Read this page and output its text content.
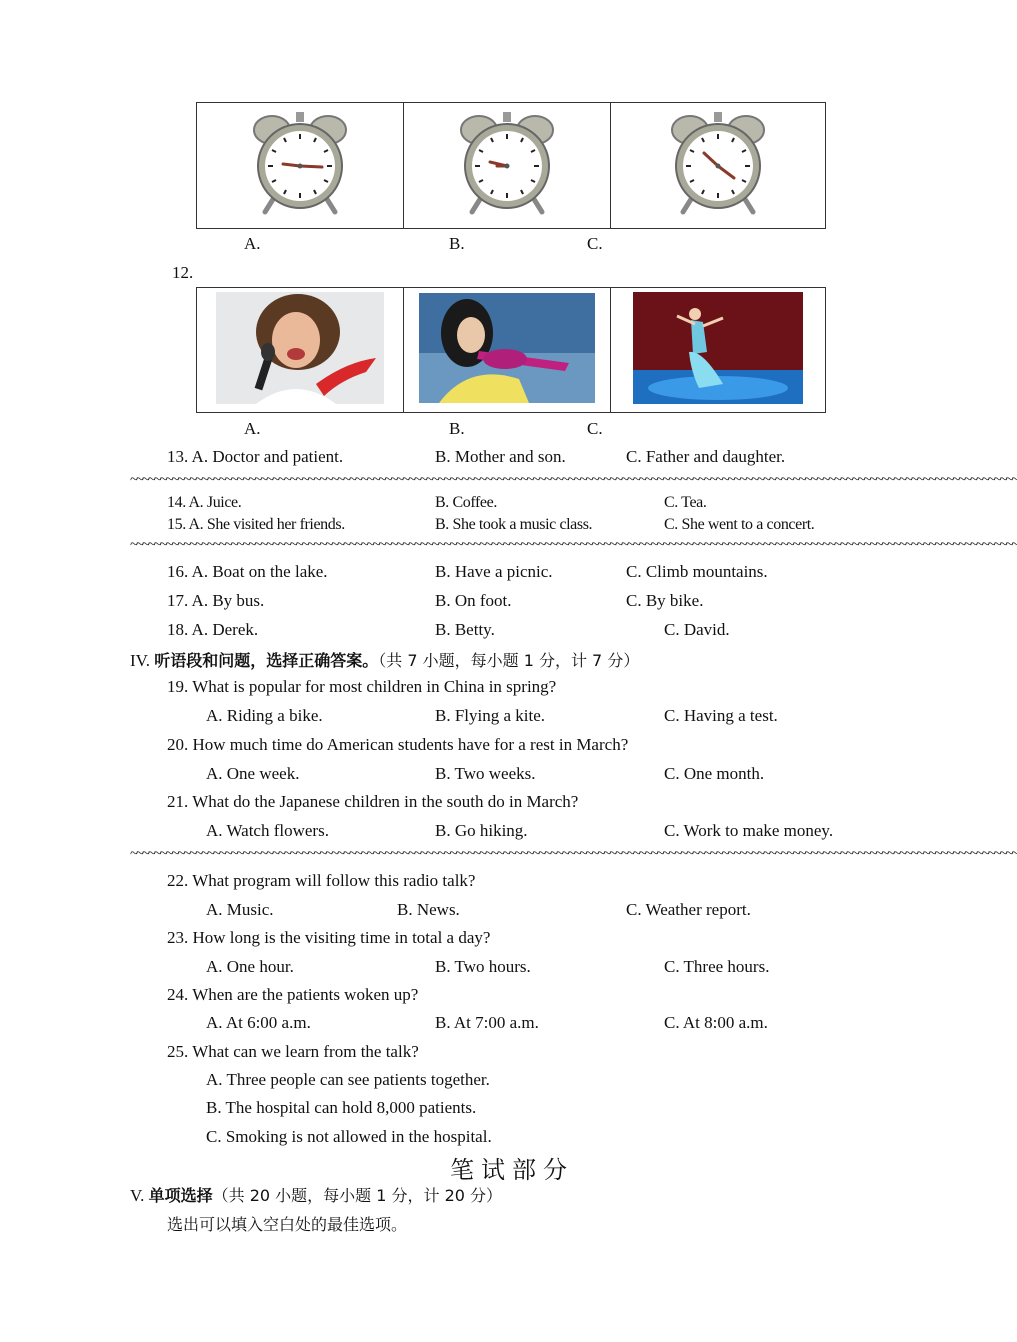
A.	B.	C.
12.

A.	B.	C.
13. A. Doctor and patient.	B. Mother and son.	C. Father and daughter.
~~~~~~~~~~~~~~~~~~~~~~~~~~~~~~~~~~~~~~~~~~~~~~~~~~~~~~~~~~~~~~~~~~~~~~~~~~~~~~~~~~~~~~~~~~~~~~~~~~~~~~~~~~~~~~~~~~~~~~~~~~~~~~~~~~~~~~~~~~~~~~~~~~~~~~
14. A. Juice.	B. Coffee.	C. Tea.
15. A. She visited her friends.	B. She took a music class.	C. She went to a concert.
~~~~~~~~~~~~~~~~~~~~~~~~~~~~~~~~~~~~~~~~~~~~~~~~~~~~~~~~~~~~~~~~~~~~~~~~~~~~~~~~~~~~~~~~~~~~~~~~~~~~~~~~~~~~~~~~~~~~~~~~~~~~~~~~~~~~~~~~~~~~~~~~~~~~~~
16. A. Boat on the lake.	B. Have a picnic.	C. Climb mountains.
17. A. By bus.	B. On foot.	C. By bike.
18. A. Derek.	B. Betty.	C. David.
IV. 听语段和问题，选择正确答案。（共 7 小题，每小题 1 分，计 7 分）
19. What is popular for most children in China in spring?
A. Riding a bike.	B. Flying a kite.	C. Having a test.
20. How much time do American students have for a rest in March?
A. One week.	B. Two weeks.	C. One month.
21. What do the Japanese children in the south do in March?
A. Watch flowers.	B. Go hiking.	C. Work to make money.
~~~~~~~~~~~~~~~~~~~~~~~~~~~~~~~~~~~~~~~~~~~~~~~~~~~~~~~~~~~~~~~~~~~~~~~~~~~~~~~~~~~~~~~~~~~~~~~~~~~~~~~~~~~~~~~~~~~~~~~~~~~~~~~~~~~~~~~~~~~~~~~~~~~~~~
22. What program will follow this radio talk?
A. Music.	B. News.	C. Weather report.
23. How long is the visiting time in total a day?
A. One hour.	B. Two hours.	C. Three hours.
24. When are the patients woken up?
A. At 6:00 a.m.	B. At 7:00 a.m.	C. At 8:00 a.m.
25. What can we learn from the talk?
A. Three people can see patients together.
B. The hospital can hold 8,000 patients.
C. Smoking is not allowed in the hospital.
笔试部分
V. 单项选择（共 20 小题，每小题 1 分，计 20 分）
选出可以填入空白处的最佳选项。
